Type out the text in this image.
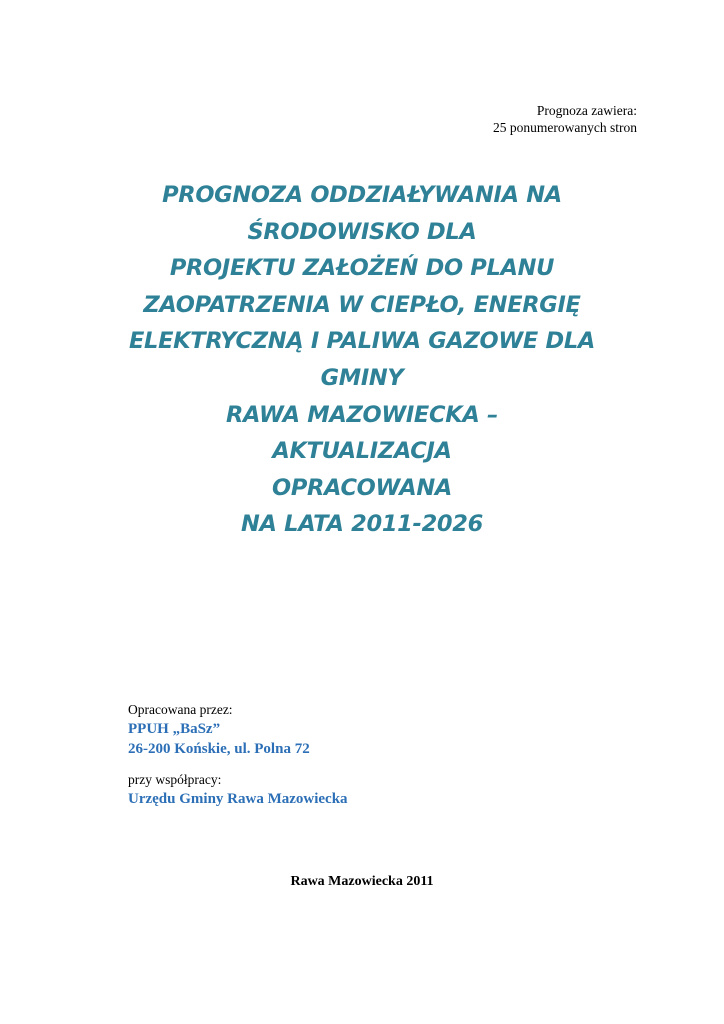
Prognoza zawiera:
25 ponumerowanych stron
PROGNOZA ODDZIAŁYWANIA NA
ŚRODOWISKO DLA
PROJEKTU ZAŁOŻEŃ DO PLANU
ZAOPATRZENIA W CIEPŁO, ENERGIĘ
ELEKTRYCZNĄ I PALIWA GAZOWE DLA
GMINY
RAWA MAZOWIECKA –
AKTUALIZACJA
OPRACOWANA
NA LATA 2011-2026
Opracowana przez:
PPUH „BaSz”
26-200 Końskie, ul. Polna 72
przy współpracy:
Urzędu Gminy Rawa Mazowiecka
Rawa Mazowiecka 2011
